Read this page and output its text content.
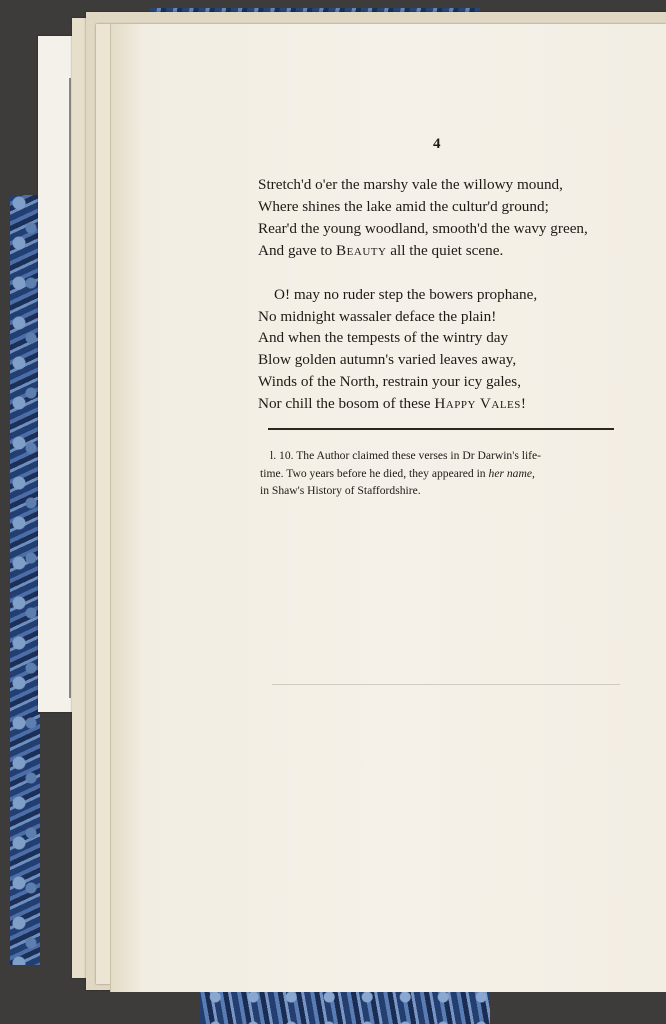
4

Stretch'd o'er the marshy vale the willowy mound,
Where shines the lake amid the cultur'd ground;
Rear'd the young woodland, smooth'd the wavy green,
And gave to Beauty all the quiet scene.

O! may no ruder step the bowers prophane,
No midnight wassaler deface the plain!
And when the tempests of the wintry day
Blow golden autumn's varied leaves away,
Winds of the North, restrain your icy gales,
Nor chill the bosom of these Happy Vales!

l. 10. The Author claimed these verses in Dr Darwin's life-
time. Two years before he died, they appeared in her name,
in Shaw's History of Staffordshire.
